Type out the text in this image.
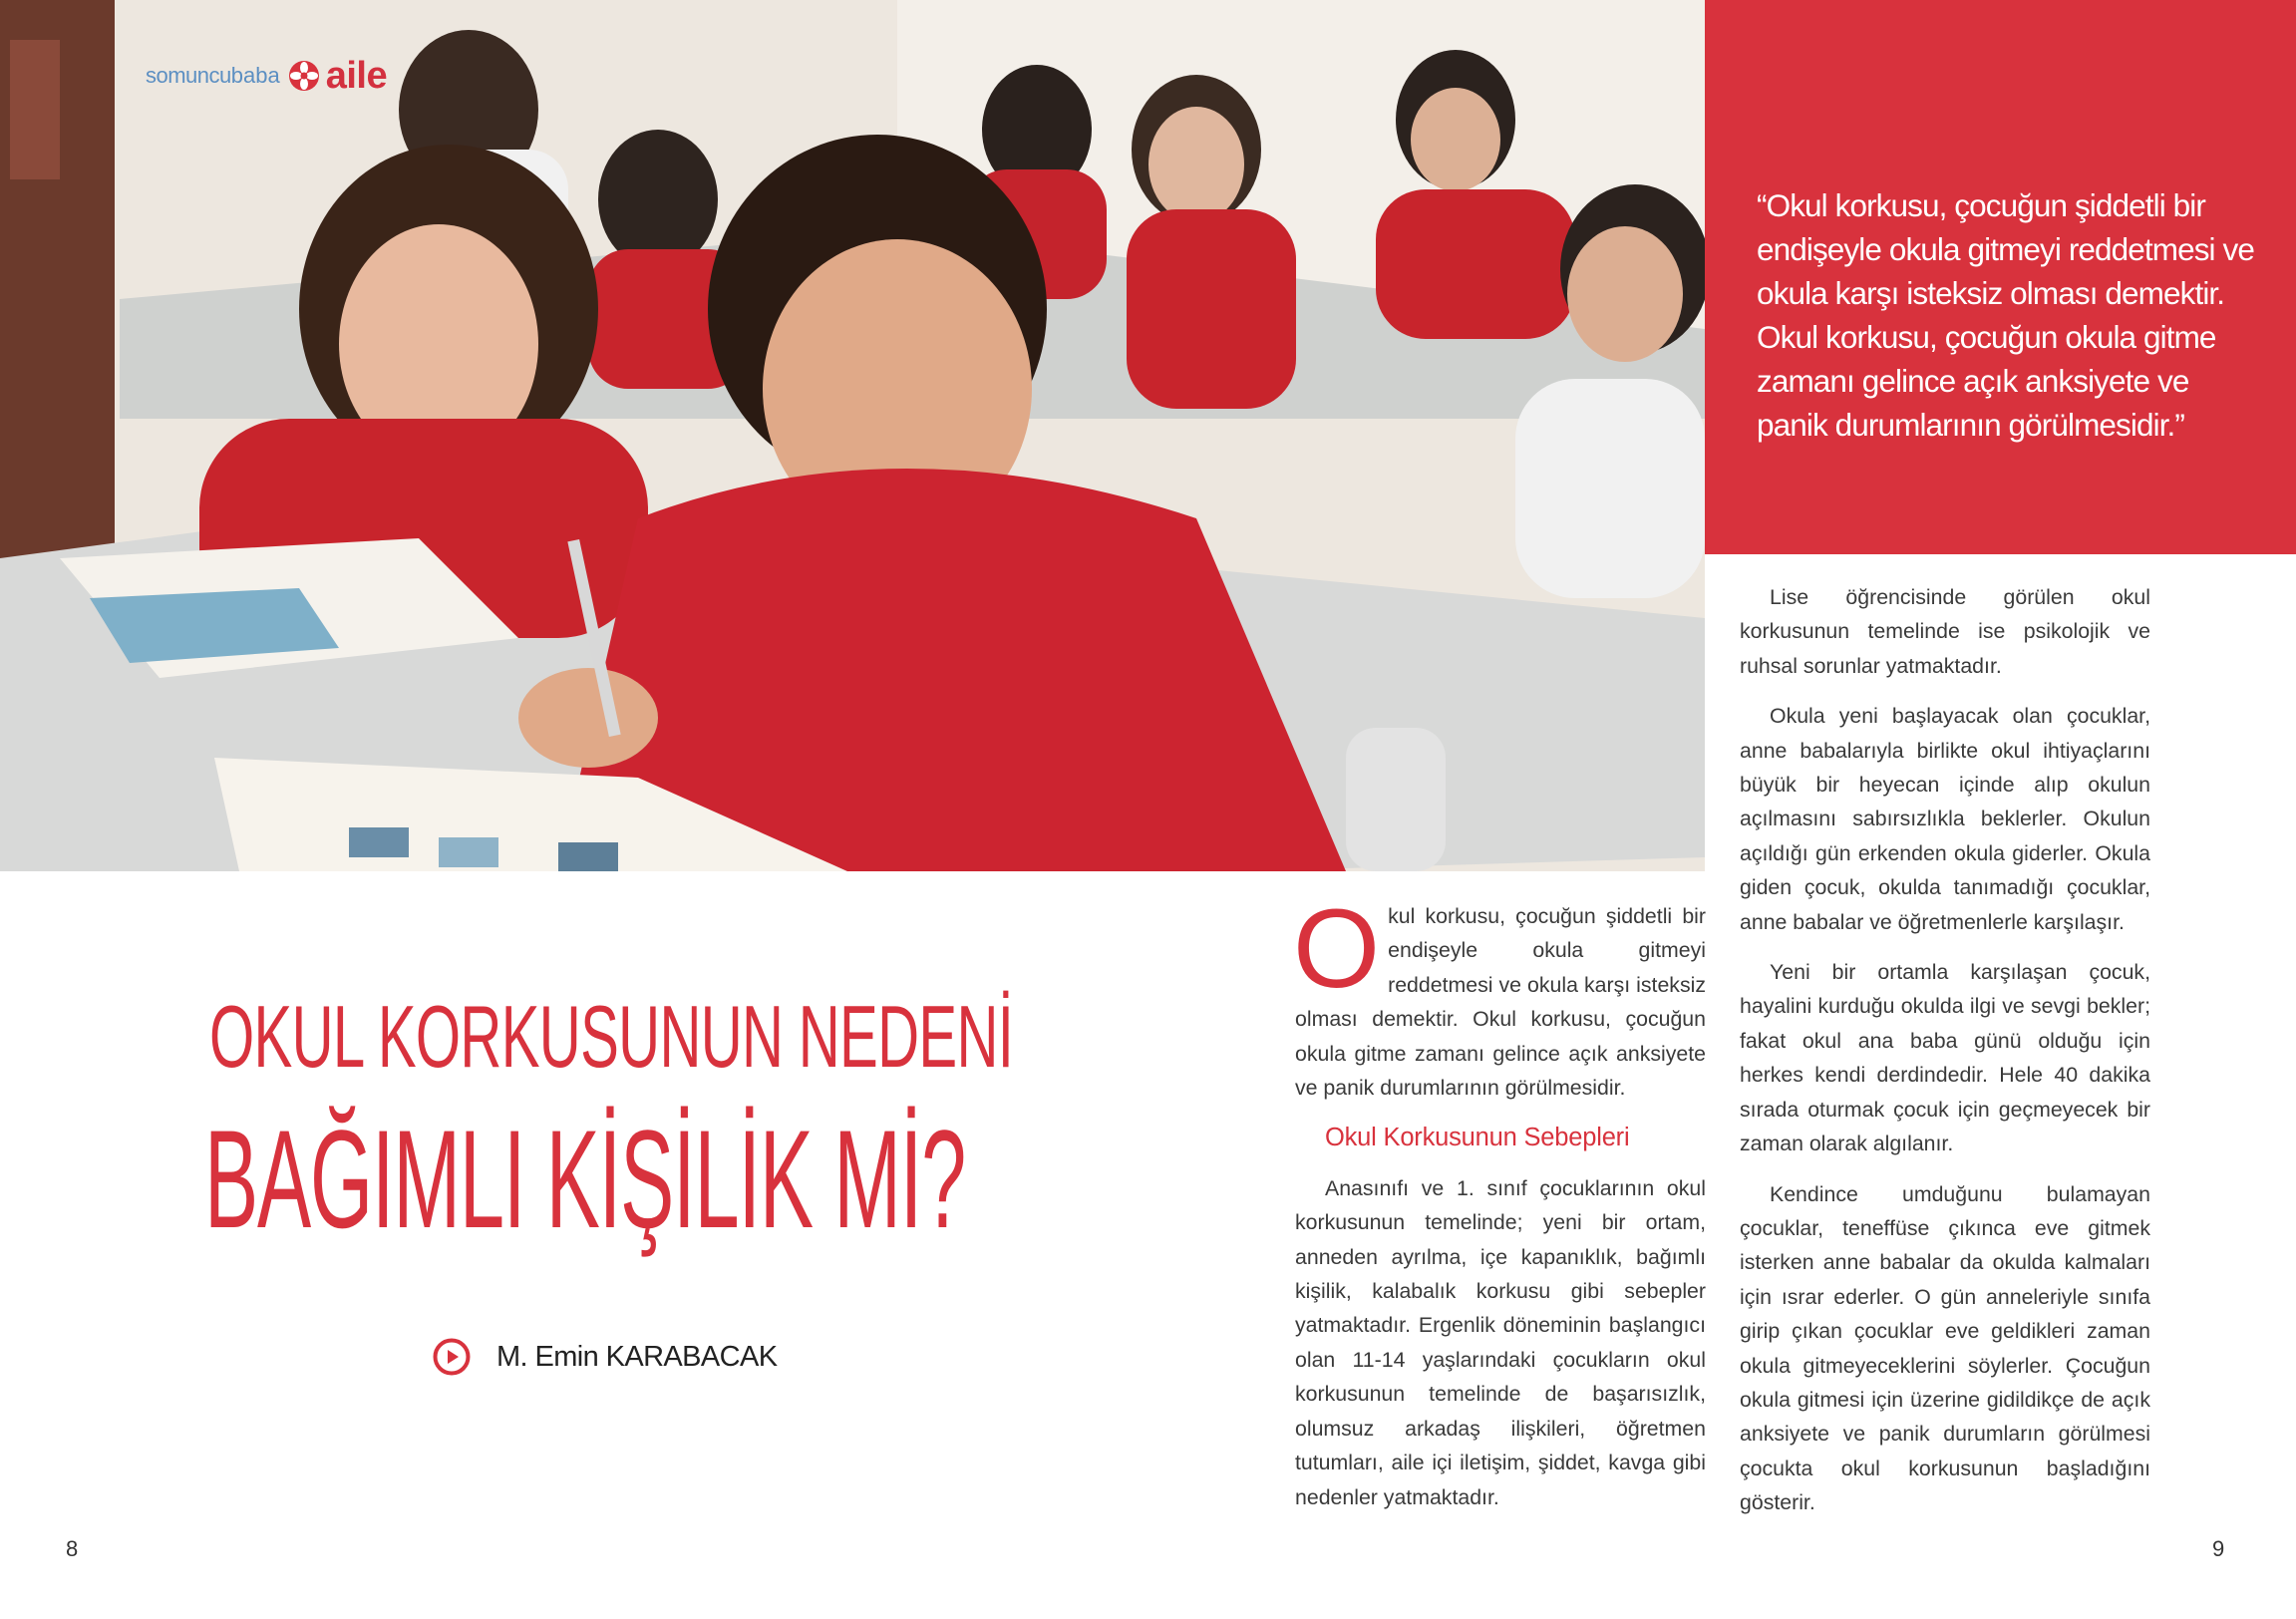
somuncu baba aile
“Okul korkusu, çocuğun şiddetli bir endişeyle okula gitmeyi reddetmesi ve okula karşı isteksiz olması demektir. Okul korkusu, çocuğun okula gitme zamanı gelince açık anksiyete ve panik durumlarının görülmesidir.”
OKUL KORKUSUNUN NEDENİ
BAĞIMLI KİŞİLİK Mİ?
M. Emin KARABACAK

Okul korkusu, çocuğun şiddetli bir endişeyle okula gitmeyi reddetmesi ve okula karşı isteksiz olması demektir. Okul korkusu, çocuğun okula gitme zamanı gelince açık anksiyete ve panik durumlarının görülmesidir.

Okul Korkusunun Sebepleri

Anasınıfı ve 1. sınıf çocuklarının okul korkusunun temelinde; yeni bir ortam, anneden ayrılma, içe kapanıklık, bağımlı kişilik, kalabalık korkusu gibi sebepler yatmaktadır. Ergenlik döneminin başlangıcı olan 11-14 yaşlarındaki çocukların okul korkusunun temelinde de başarısızlık, olumsuz arkadaş ilişkileri, öğretmen tutumları, aile içi iletişim, şiddet, kavga gibi nedenler yatmaktadır.

Lise öğrencisinde görülen okul korkusunun temelinde ise psikolojik ve ruhsal sorunlar yatmaktadır.

Okula yeni başlayacak olan çocuklar, anne babalarıyla birlikte okul ihtiyaçlarını büyük bir heyecan içinde alıp okulun açılmasını sabırsızlıkla beklerler. Okulun açıldığı gün erkenden okula giderler. Okula giden çocuk, okulda tanımadığı çocuklar, anne babalar ve öğretmenlerle karşılaşır.

Yeni bir ortamla karşılaşan çocuk, hayalini kurduğu okulda ilgi ve sevgi bekler; fakat okul ana baba günü olduğu için herkes kendi derdindedir. Hele 40 dakika sırada oturmak çocuk için geçmeyecek bir zaman olarak algılanır.

Kendince umduğunu bulamayan çocuklar, teneffüse çıkınca eve gitmek isterken anne babalar da okulda kalmaları için ısrar ederler. O gün anneleriyle sınıfa girip çıkan çocuklar eve geldikleri zaman okula gitmeyeceklerini söylerler. Çocuğun okula gitmesi için üzerine gidildikçe de açık anksiyete ve panik durumların görülmesi çocukta okul korkusunun başladığını gösterir.

8	9
